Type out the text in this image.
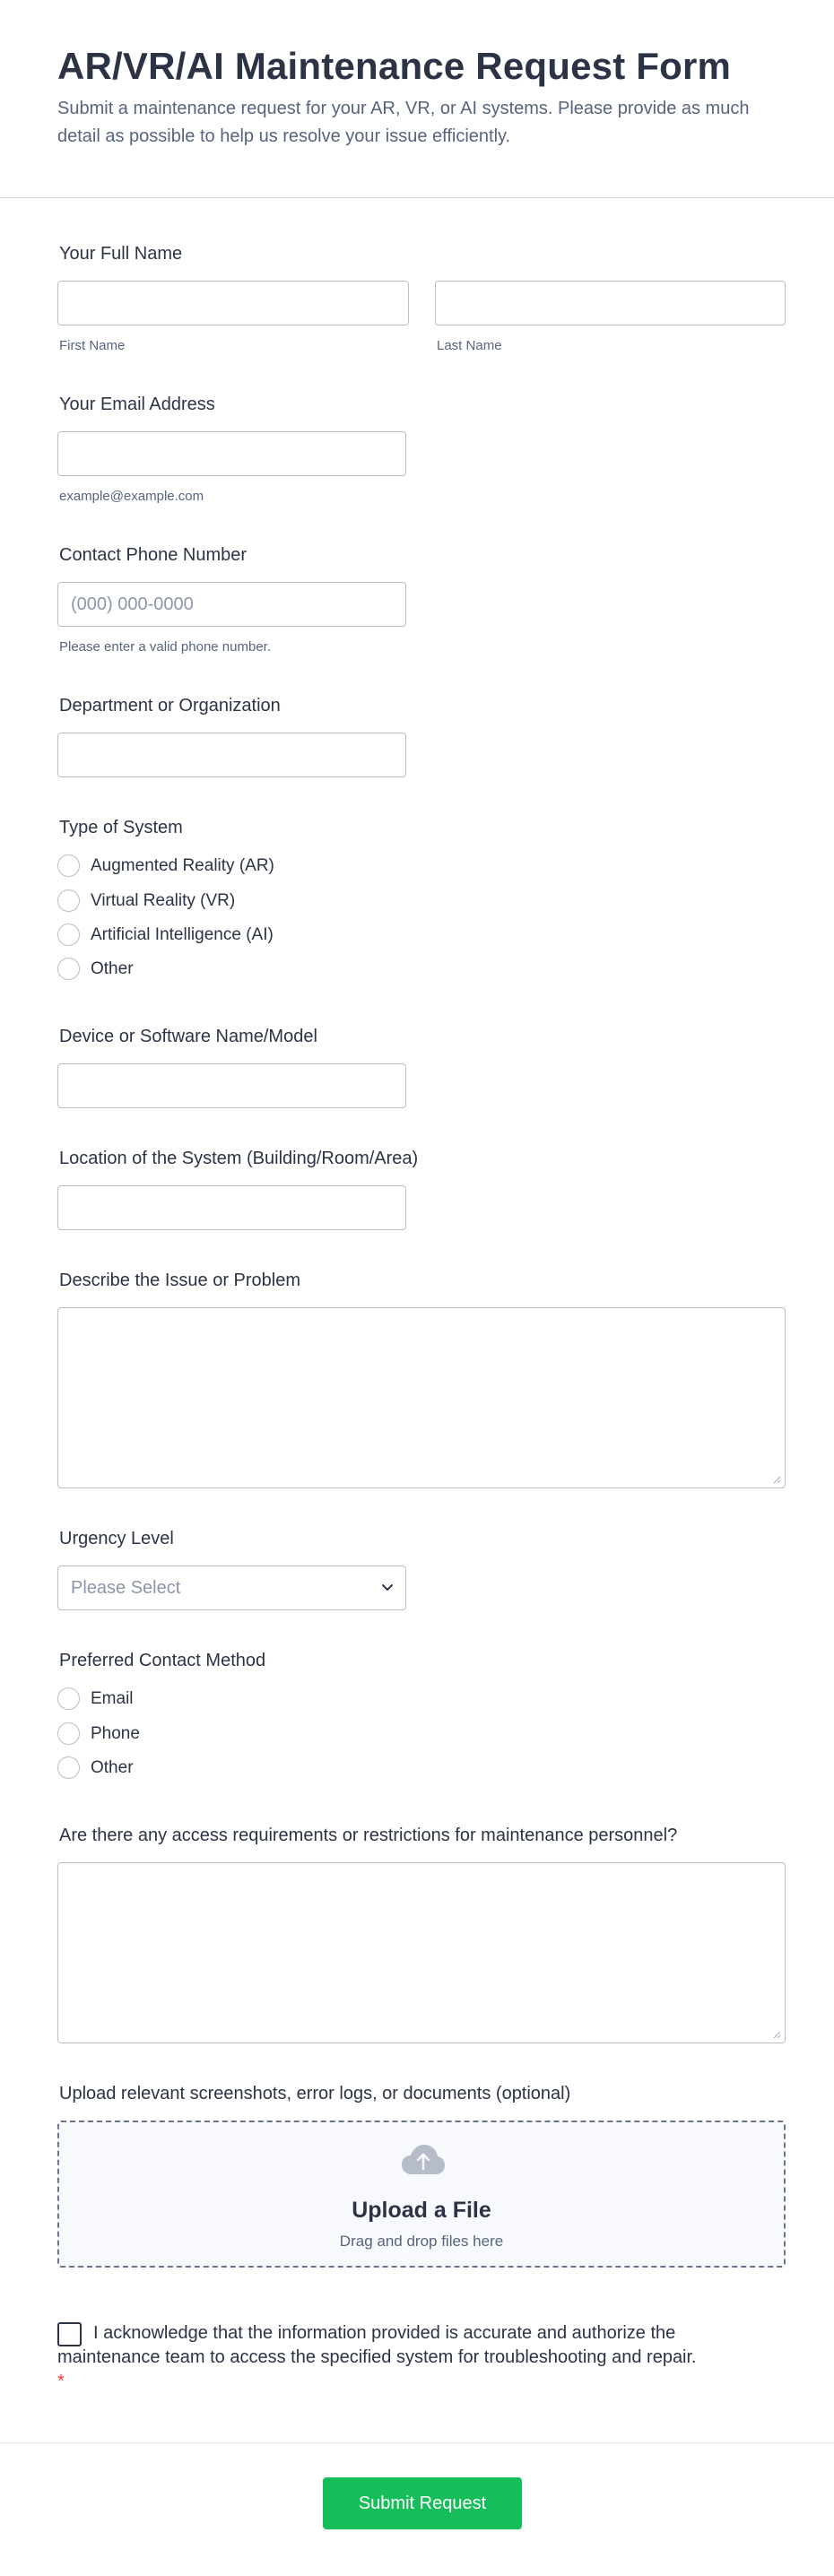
AR/VR/AI Maintenance Request Form

Submit a maintenance request for your AR, VR, or AI systems. Please provide as much detail as possible to help us resolve your issue efficiently.

Your Full Name
First Name	Last Name
Your Email Address
example@example.com
Contact Phone Number
(000) 000-0000
Please enter a valid phone number.
Department or Organization
Type of System
Augmented Reality (AR)
Virtual Reality (VR)
Artificial Intelligence (AI)
Other
Device or Software Name/Model
Location of the System (Building/Room/Area)
Describe the Issue or Problem
Urgency Level
Please Select
Preferred Contact Method
Email
Phone
Other
Are there any access requirements or restrictions for maintenance personnel?
Upload relevant screenshots, error logs, or documents (optional)
Upload a File
Drag and drop files here
I acknowledge that the information provided is accurate and authorize the maintenance team to access the specified system for troubleshooting and repair. *
Submit Request
